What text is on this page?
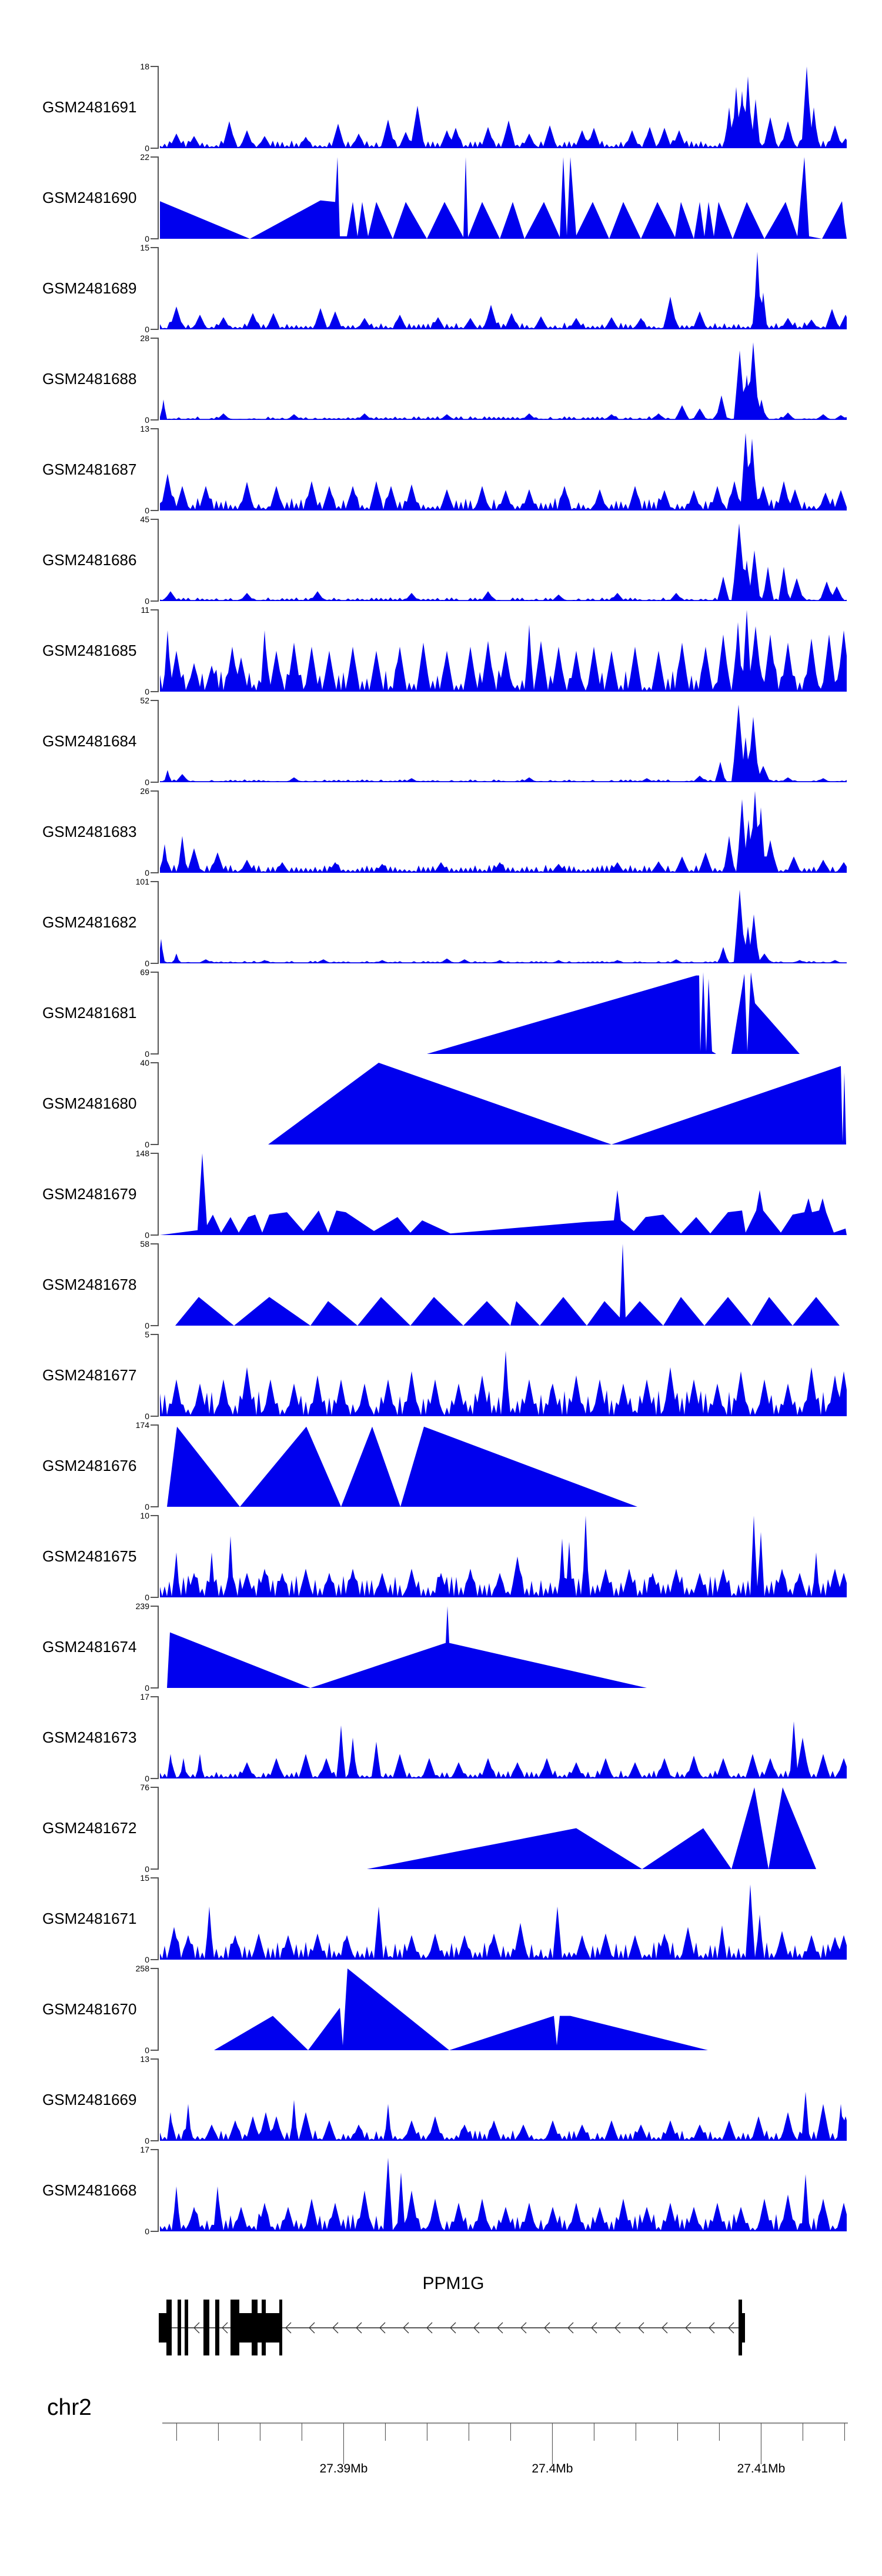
GSM2481691
18
0
GSM2481690
22
0
GSM2481689
15
0
GSM2481688
28
0
GSM2481687
13
0
GSM2481686
45
0
GSM2481685
11
0
GSM2481684
52
0
GSM2481683
26
0
GSM2481682
101
0
GSM2481681
69
0
GSM2481680
40
0
GSM2481679
148
0
GSM2481678
58
0
GSM2481677
5
0
GSM2481676
174
0
GSM2481675
10
0
GSM2481674
239
0
GSM2481673
17
0
GSM2481672
76
0
GSM2481671
15
0
GSM2481670
258
0
GSM2481669
13
0
GSM2481668
17
0
PPM1G
chr2
27.39Mb	27.4Mb	27.41Mb
